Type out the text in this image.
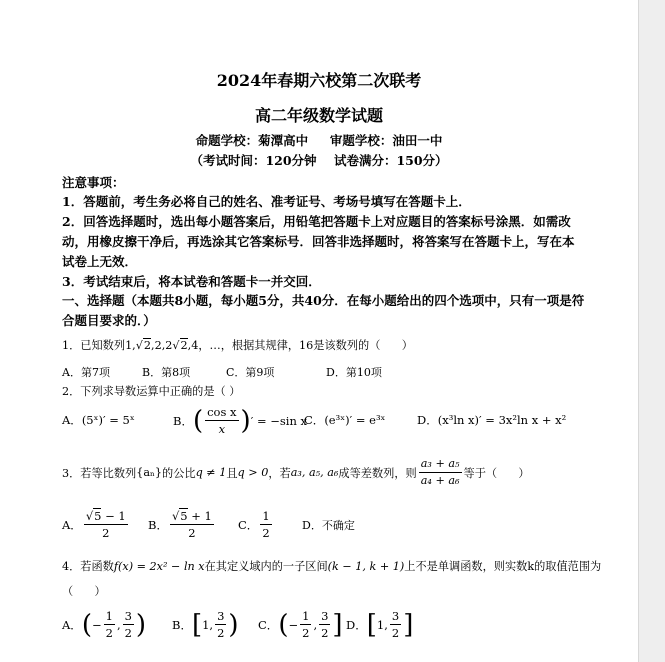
2024年春期六校第二次联考
高二年级数学试题
命题学校：菊潭高中     审题学校：油田一中
（考试时间：120分钟    试卷满分：150分）
注意事项：
1．答题前，考生务必将自己的姓名、准考证号、考场号填写在答题卡上．
2．回答选择题时，选出每小题答案后，用铅笔把答题卡上对应题目的答案标号涂黑．如需改
动，用橡皮擦干净后，再选涂其它答案标号．回答非选择题时，将答案写在答题卡上，写在本
试卷上无效．
3．考试结束后，将本试卷和答题卡一并交回．
一、选择题（本题共8小题，每小题5分，共40分．在每小题给出的四个选项中，只有一项是符
合题目要求的．）
1．已知数列1,√2,2,2√2,4，…，根据其规律，16是该数列的（      ）
A．第7项	B．第8项	C．第9项	D．第10项
2．下列求导数运算中正确的是（ ）
A． (5ˣ)′ = 5ˣ	B． ( $\frac{\text{cos x}}{x}$ ) ′ = −sin x
C． (e³ˣ)′ = e³ˣ	D． (x³ln x)′ = 3x²ln x + x²
3．若等比数列 {aₙ} 的公比 q ≠ 1 且 q > 0 ，若 a₃, a₅, a₆ 成等差数列，则 $\frac{\text{a₃ + a₅}}{\text{a₄ + a₆}}$ 等于（      ）
A． $\frac{√5 - 1}{2}$ B． $\frac{√5 + 1}{2}$ C． $\frac{1}{2}$	D．不确定
4．若函数f(x) = 2x² − ln x在其定义域内的一子区间(k − 1, k + 1)上不是单调函数，则实数k的取值范围为
（      ）
A． ( − $\frac{1}{2}$ , $\frac{3}{2}$ ) B． [ 1, $\frac{3}{2}$ ) C． ( − $\frac{1}{2}$ , $\frac{3}{2}$ ] D． [ 1, $\frac{3}{2}$ ]
